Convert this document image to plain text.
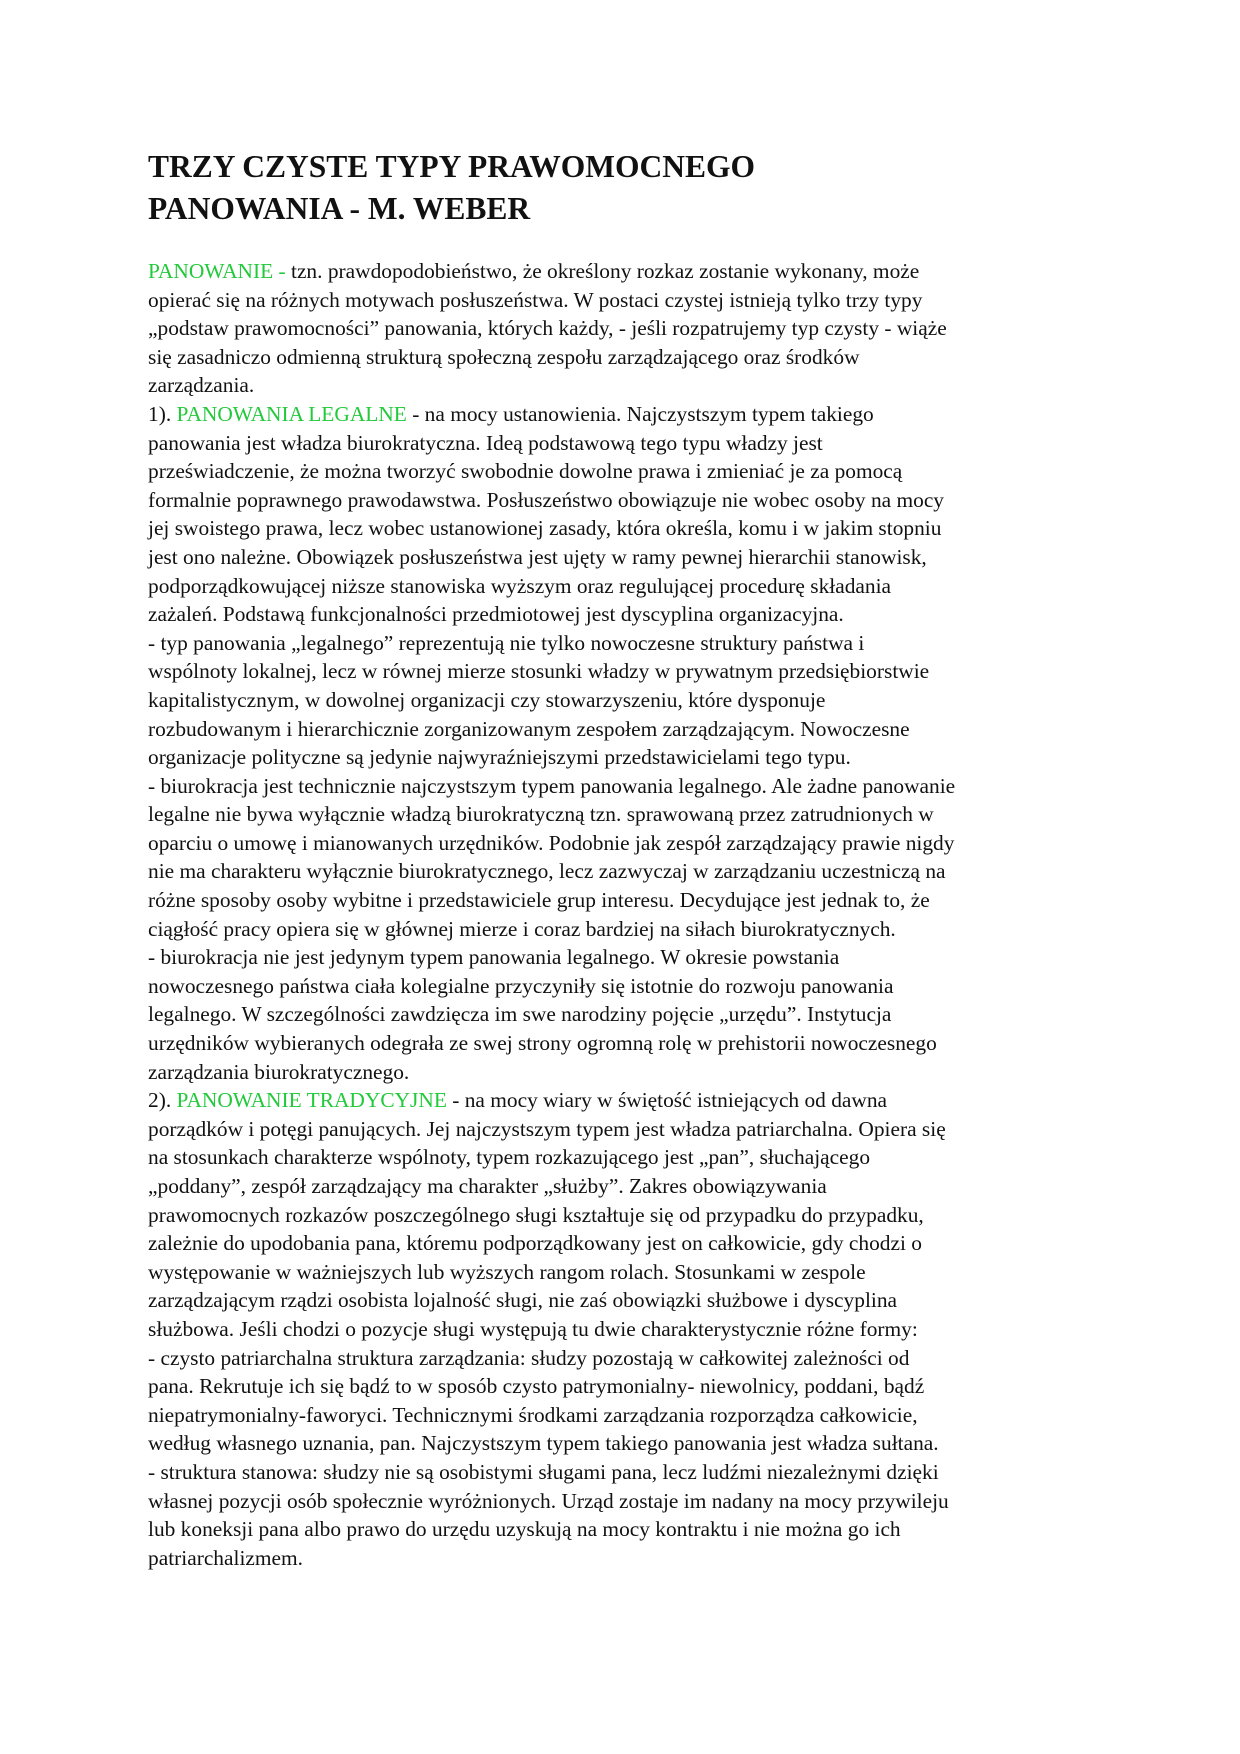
TRZY CZYSTE TYPY PRAWOMOCNEGO
PANOWANIA - M. WEBER

PANOWANIE - tzn. prawdopodobieństwo, że określony rozkaz zostanie wykonany, może
opierać się na różnych motywach posłuszeństwa. W postaci czystej istnieją tylko trzy typy
„podstaw prawomocności” panowania, których każdy, - jeśli rozpatrujemy typ czysty - wiąże
się zasadniczo odmienną strukturą społeczną zespołu zarządzającego oraz środków
zarządzania.
1). PANOWANIA LEGALNE - na mocy ustanowienia. Najczystszym typem takiego
panowania jest władza biurokratyczna. Ideą podstawową tego typu władzy jest
przeświadczenie, że można tworzyć swobodnie dowolne prawa i zmieniać je za pomocą
formalnie poprawnego prawodawstwa. Posłuszeństwo obowiązuje nie wobec osoby na mocy
jej swoistego prawa, lecz wobec ustanowionej zasady, która określa, komu i w jakim stopniu
jest ono należne. Obowiązek posłuszeństwa jest ujęty w ramy pewnej hierarchii stanowisk,
podporządkowującej niższe stanowiska wyższym oraz regulującej procedurę składania
zażaleń. Podstawą funkcjonalności przedmiotowej jest dyscyplina organizacyjna.
- typ panowania „legalnego” reprezentują nie tylko nowoczesne struktury państwa i
wspólnoty lokalnej, lecz w równej mierze stosunki władzy w prywatnym przedsiębiorstwie
kapitalistycznym, w dowolnej organizacji czy stowarzyszeniu, które dysponuje
rozbudowanym i hierarchicznie zorganizowanym zespołem zarządzającym. Nowoczesne
organizacje polityczne są jedynie najwyraźniejszymi przedstawicielami tego typu.
- biurokracja jest technicznie najczystszym typem panowania legalnego. Ale żadne panowanie
legalne nie bywa wyłącznie władzą biurokratyczną tzn. sprawowaną przez zatrudnionych w
oparciu o umowę i mianowanych urzędników. Podobnie jak zespół zarządzający prawie nigdy
nie ma charakteru wyłącznie biurokratycznego, lecz zazwyczaj w zarządzaniu uczestniczą na
różne sposoby osoby wybitne i przedstawiciele grup interesu. Decydujące jest jednak to, że
ciągłość pracy opiera się w głównej mierze i coraz bardziej na siłach biurokratycznych.
- biurokracja nie jest jedynym typem panowania legalnego. W okresie powstania
nowoczesnego państwa ciała kolegialne przyczyniły się istotnie do rozwoju panowania
legalnego. W szczególności zawdzięcza im swe narodziny pojęcie „urzędu”. Instytucja
urzędników wybieranych odegrała ze swej strony ogromną rolę w prehistorii nowoczesnego
zarządzania biurokratycznego.
2). PANOWANIE TRADYCYJNE - na mocy wiary w świętość istniejących od dawna
porządków i potęgi panujących. Jej najczystszym typem jest władza patriarchalna. Opiera się
na stosunkach charakterze wspólnoty, typem rozkazującego jest „pan”, słuchającego
„poddany”, zespół zarządzający ma charakter „służby”. Zakres obowiązywania
prawomocnych rozkazów poszczególnego sługi kształtuje się od przypadku do przypadku,
zależnie do upodobania pana, któremu podporządkowany jest on całkowicie, gdy chodzi o
występowanie w ważniejszych lub wyższych rangom rolach. Stosunkami w zespole
zarządzającym rządzi osobista lojalność sługi, nie zaś obowiązki służbowe i dyscyplina
służbowa. Jeśli chodzi o pozycje sługi występują tu dwie charakterystycznie różne formy:
- czysto patriarchalna struktura zarządzania: słudzy pozostają w całkowitej zależności od
pana. Rekrutuje ich się bądź to w sposób czysto patrymonialny- niewolnicy, poddani, bądź
niepatrymonialny-faworyci. Technicznymi środkami zarządzania rozporządza całkowicie,
według własnego uznania, pan. Najczystszym typem takiego panowania jest władza sułtana.
- struktura stanowa: słudzy nie są osobistymi sługami pana, lecz ludźmi niezależnymi dzięki
własnej pozycji osób społecznie wyróżnionych. Urząd zostaje im nadany na mocy przywileju
lub koneksji pana albo prawo do urzędu uzyskują na mocy kontraktu i nie można go ich
patriarchalizmem.
